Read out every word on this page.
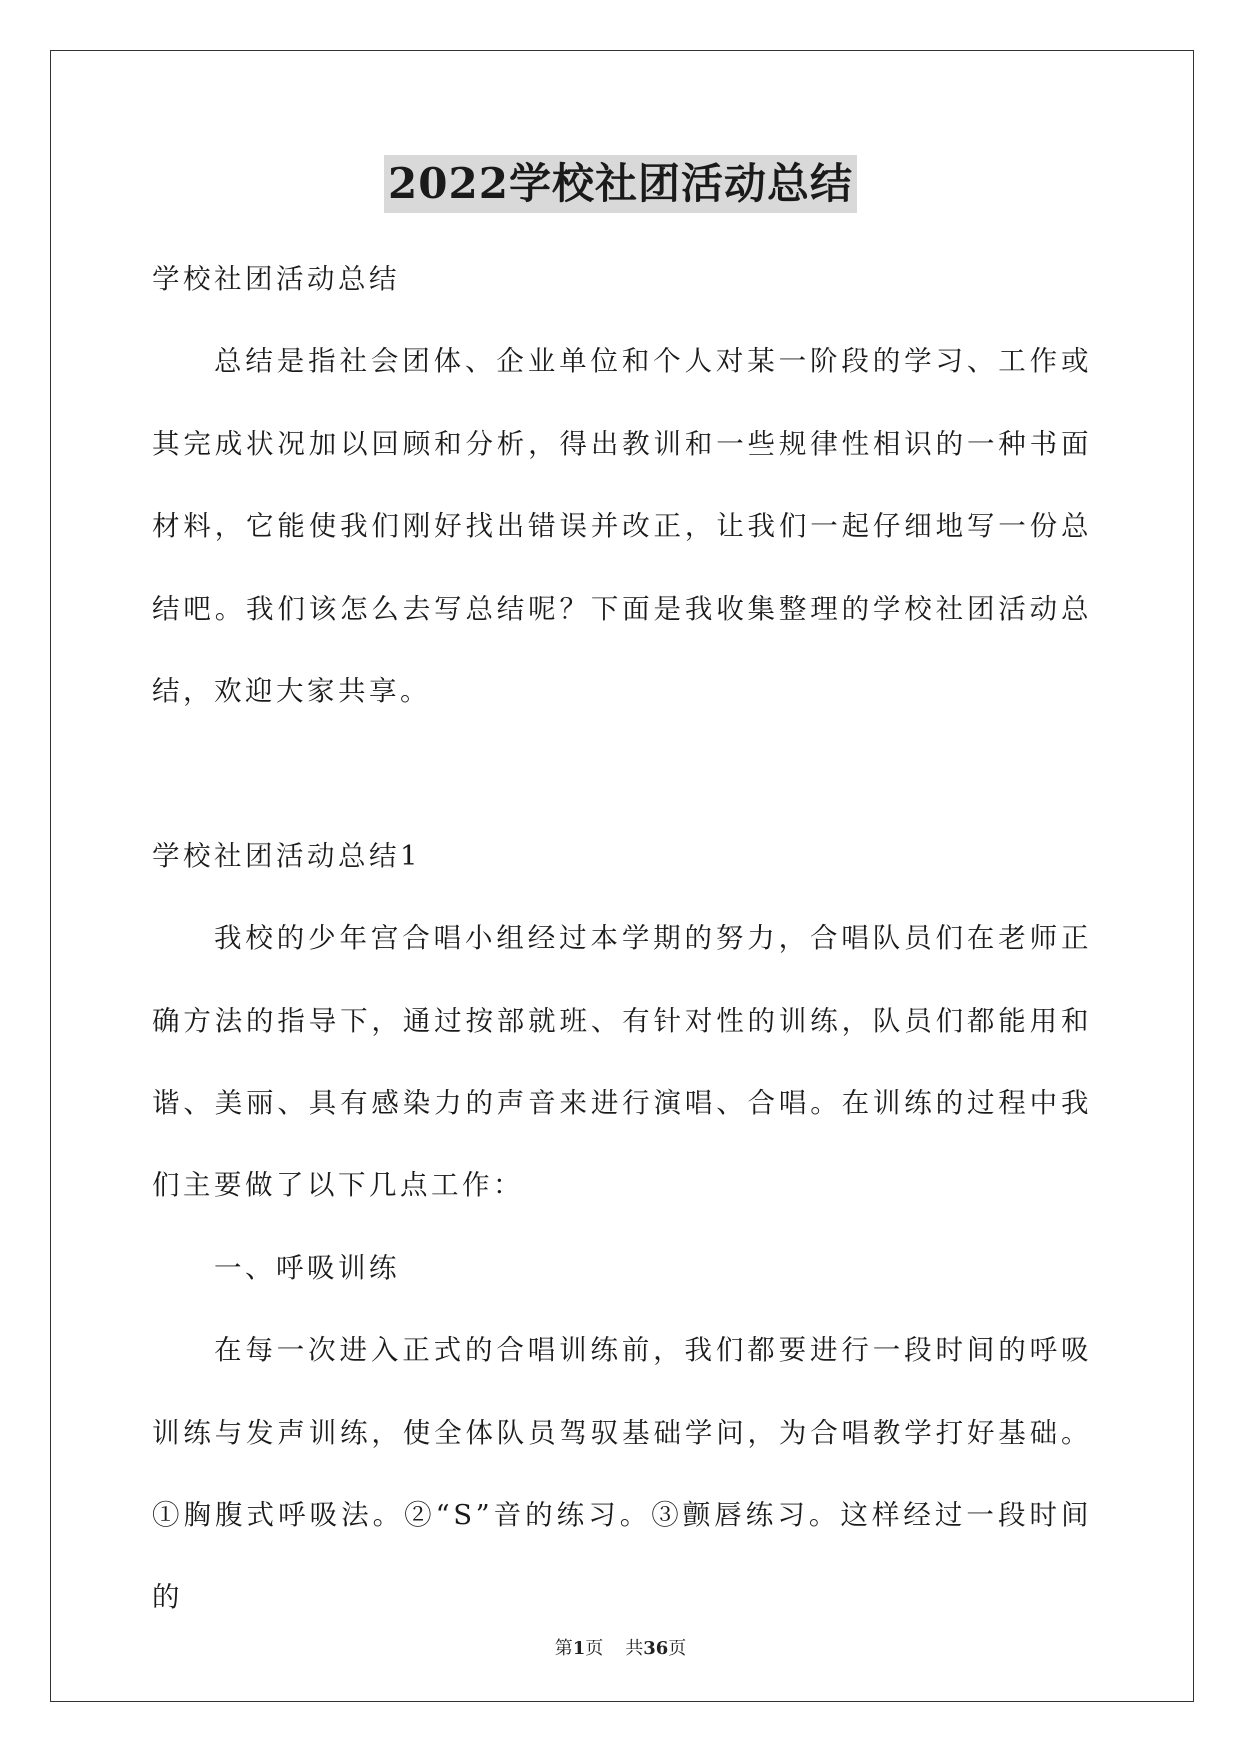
2022学校社团活动总结

学校社团活动总结

总结是指社会团体、企业单位和个人对某一阶段的学习、工作或其完成状况加以回顾和分析，得出教训和一些规律性相识的一种书面材料，它能使我们刚好找出错误并改正，让我们一起仔细地写一份总结吧。我们该怎么去写总结呢？下面是我收集整理的学校社团活动总结，欢迎大家共享。

学校社团活动总结1

我校的少年宫合唱小组经过本学期的努力，合唱队员们在老师正确方法的指导下，通过按部就班、有针对性的训练，队员们都能用和谐、美丽、具有感染力的声音来进行演唱、合唱。在训练的过程中我们主要做了以下几点工作：

一、呼吸训练

在每一次进入正式的合唱训练前，我们都要进行一段时间的呼吸训练与发声训练，使全体队员驾驭基础学问，为合唱教学打好基础。①胸腹式呼吸法。②“S”音的练习。③颤唇练习。这样经过一段时间的

第1页 共36页
